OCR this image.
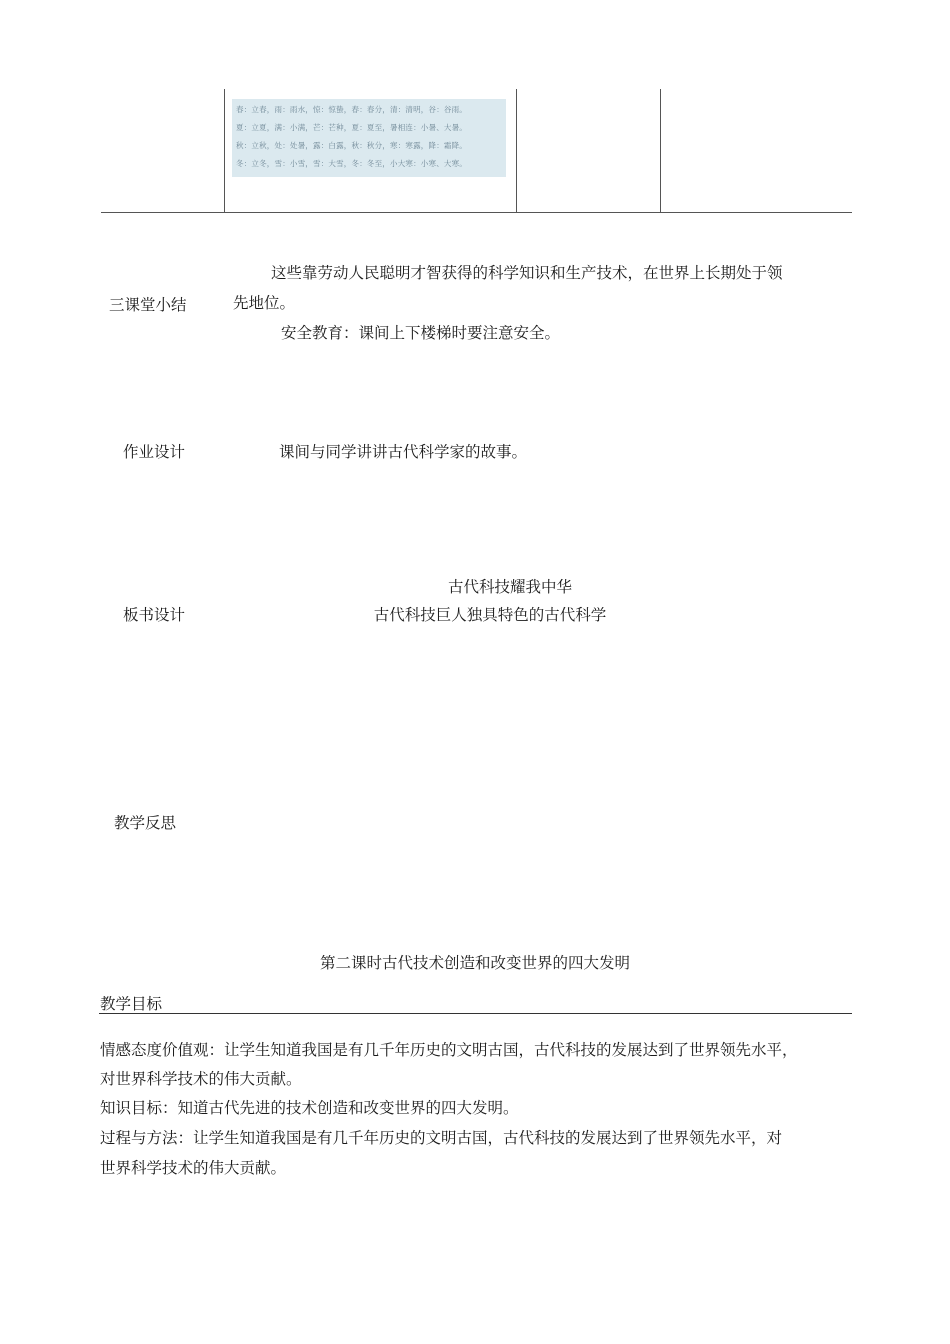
春：立春，雨：雨水，惊：惊蛰，春：春分，清：清明，谷：谷雨。
夏：立夏，满：小满，芒：芒种，夏：夏至，暑相连：小暑、大暑。
秋：立秋，处：处暑，露：白露，秋：秋分，寒：寒露，降：霜降。
冬：立冬，雪：小雪，雪：大雪，冬：冬至，小大寒：小寒、大寒。
三课堂小结
这些靠劳动人民聪明才智获得的科学知识和生产技术，在世界上长期处于领
先地位。
安全教育：课间上下楼梯时要注意安全。
作业设计	课间与同学讲讲古代科学家的故事。
板书设计
古代科技耀我中华
古代科技巨人独具特色的古代科学
教学反思
第二课时古代技术创造和改变世界的四大发明
教学目标
情感态度价值观：让学生知道我国是有几千年历史的文明古国，古代科技的发展达到了世界领先水平，
对世界科学技术的伟大贡献。
知识目标：知道古代先进的技术创造和改变世界的四大发明。
过程与方法：让学生知道我国是有几千年历史的文明古国，古代科技的发展达到了世界领先水平，对
世界科学技术的伟大贡献。
